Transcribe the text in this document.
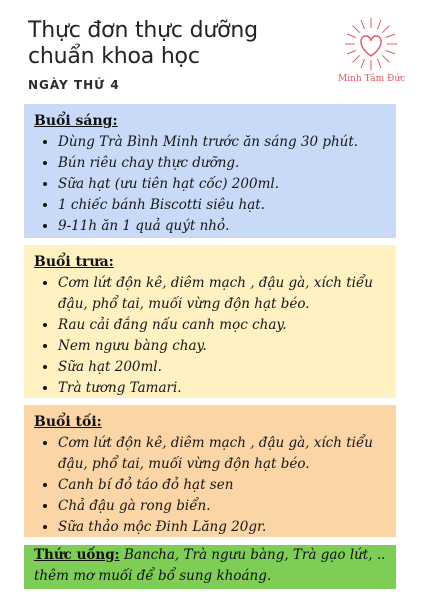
Thực đơn thực dưỡng chuẩn khoa học
NGÀY THỨ 4	Minh Tâm Đức
Buổi sáng:
• Dùng Trà Bình Minh trước ăn sáng 30 phút.
• Bún riêu chay thực dưỡng.
• Sữa hạt (ưu tiên hạt cốc) 200ml.
• 1 chiếc bánh Biscotti siêu hạt.
• 9-11h ăn 1 quả quýt nhỏ.
Buổi trưa:
• Cơm lứt độn kê, diêm mạch , đậu gà, xích tiểu đậu, phổ tai, muối vừng độn hạt béo.
• Rau cải đắng nấu canh mọc chay.
• Nem ngưu bàng chay.
• Sữa hạt 200ml.
• Trà tương Tamari.
Buổi tối:
• Cơm lứt độn kê, diêm mạch , đậu gà, xích tiểu đậu, phổ tai, muối vừng độn hạt béo.
• Canh bí đỏ táo đỏ hạt sen
• Chả đậu gà rong biển.
• Sữa thảo mộc Đinh Lăng 20gr.
Thức uống: Bancha, Trà ngưu bàng, Trà gạo lứt, .. thêm mơ muối để bổ sung khoáng.
